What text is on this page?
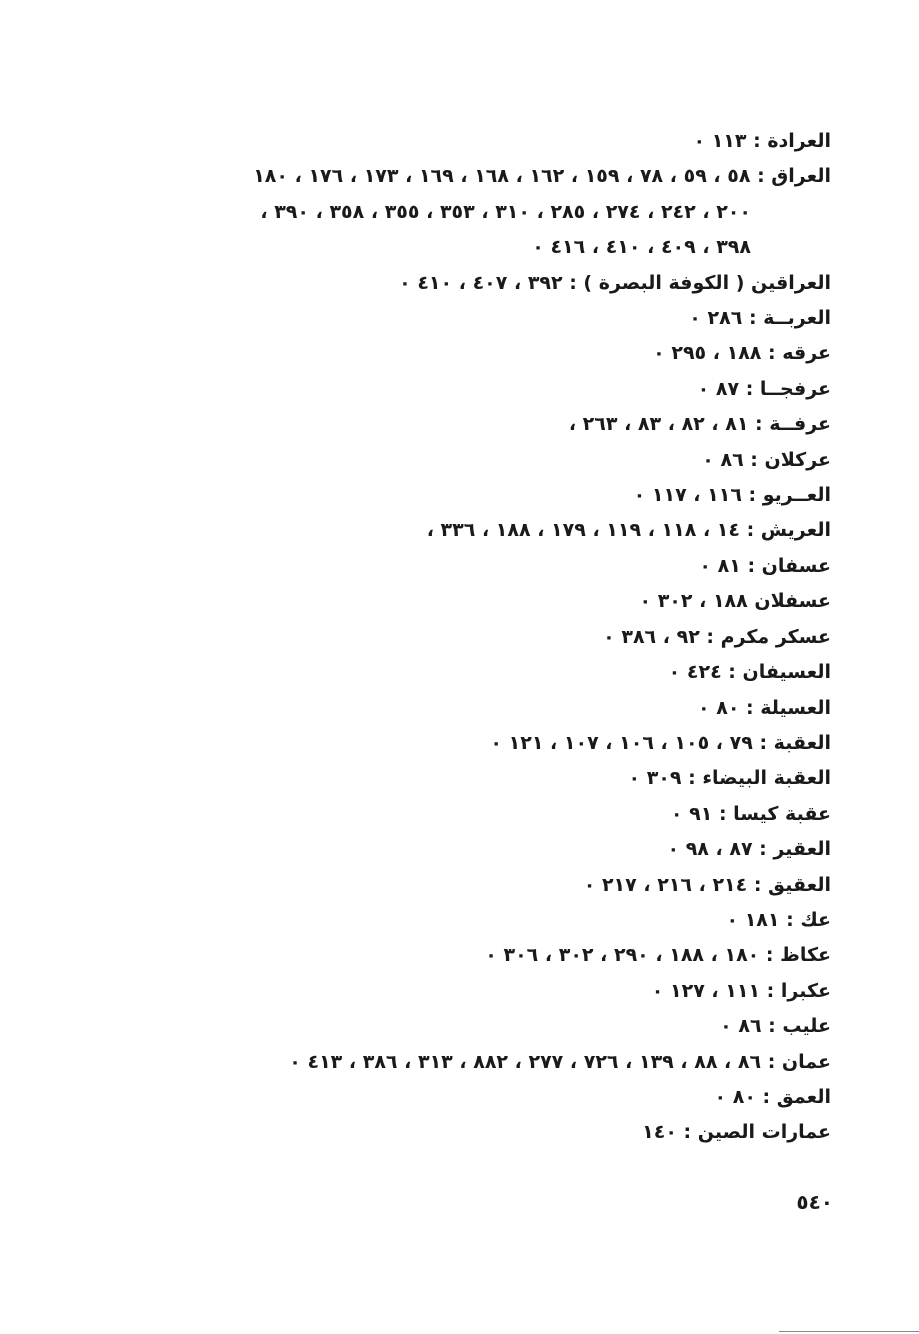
العرادة : ١١٣ ٠
العراق : ٥٨ ، ٥٩ ، ٧٨ ، ١٥٩ ، ١٦٢ ، ١٦٨ ، ١٦٩ ، ١٧٣ ، ١٧٦ ، ١٨٠
٢٠٠ ، ٢٤٢ ، ٢٧٤ ، ٢٨٥ ، ٣١٠ ، ٣٥٣ ، ٣٥٥ ، ٣٥٨ ، ٣٩٠ ،
٣٩٨ ، ٤٠٩ ، ٤١٠ ، ٤١٦ ٠
العراقين ( الكوفة البصرة ) : ٣٩٢ ، ٤٠٧ ، ٤١٠ ٠
العربــة : ٢٨٦ ٠
عرقه : ١٨٨ ، ٢٩٥ ٠
عرفجــا : ٨٧ ٠
عرفــة : ٨١ ، ٨٢ ، ٨٣ ، ٢٦٣ ،
عركلان : ٨٦ ٠
العــريو : ١١٦ ، ١١٧ ٠
العريش : ١٤ ، ١١٨ ، ١١٩ ، ١٧٩ ، ١٨٨ ، ٣٣٦ ،
عسفان : ٨١ ٠
عسفلان ١٨٨ ، ٣٠٢ ٠
عسكر مكرم : ٩٢ ، ٣٨٦ ٠
العسيفان : ٤٢٤ ٠
العسيلة : ٨٠ ٠
العقبة : ٧٩ ، ١٠٥ ، ١٠٦ ، ١٠٧ ، ١٢١ ٠
العقبة البيضاء : ٣٠٩ ٠
عقبة كيسا : ٩١ ٠
العقير : ٨٧ ، ٩٨ ٠
العقيق : ٢١٤ ، ٢١٦ ، ٢١٧ ٠
عك : ١٨١ ٠
عكاظ : ١٨٠ ، ١٨٨ ، ٢٩٠ ، ٣٠٢ ، ٣٠٦ ٠
عكبرا : ١١١ ، ١٢٧ ٠
عليب : ٨٦ ٠
عمان : ٨٦ ، ٨٨ ، ١٣٩ ، ٧٢٦ ، ٢٧٧ ، ٨٨٢ ، ٣١٣ ، ٣٨٦ ، ٤١٣ ٠
العمق : ٨٠ ٠
عمارات الصين : ١٤٠
٥٤٠
